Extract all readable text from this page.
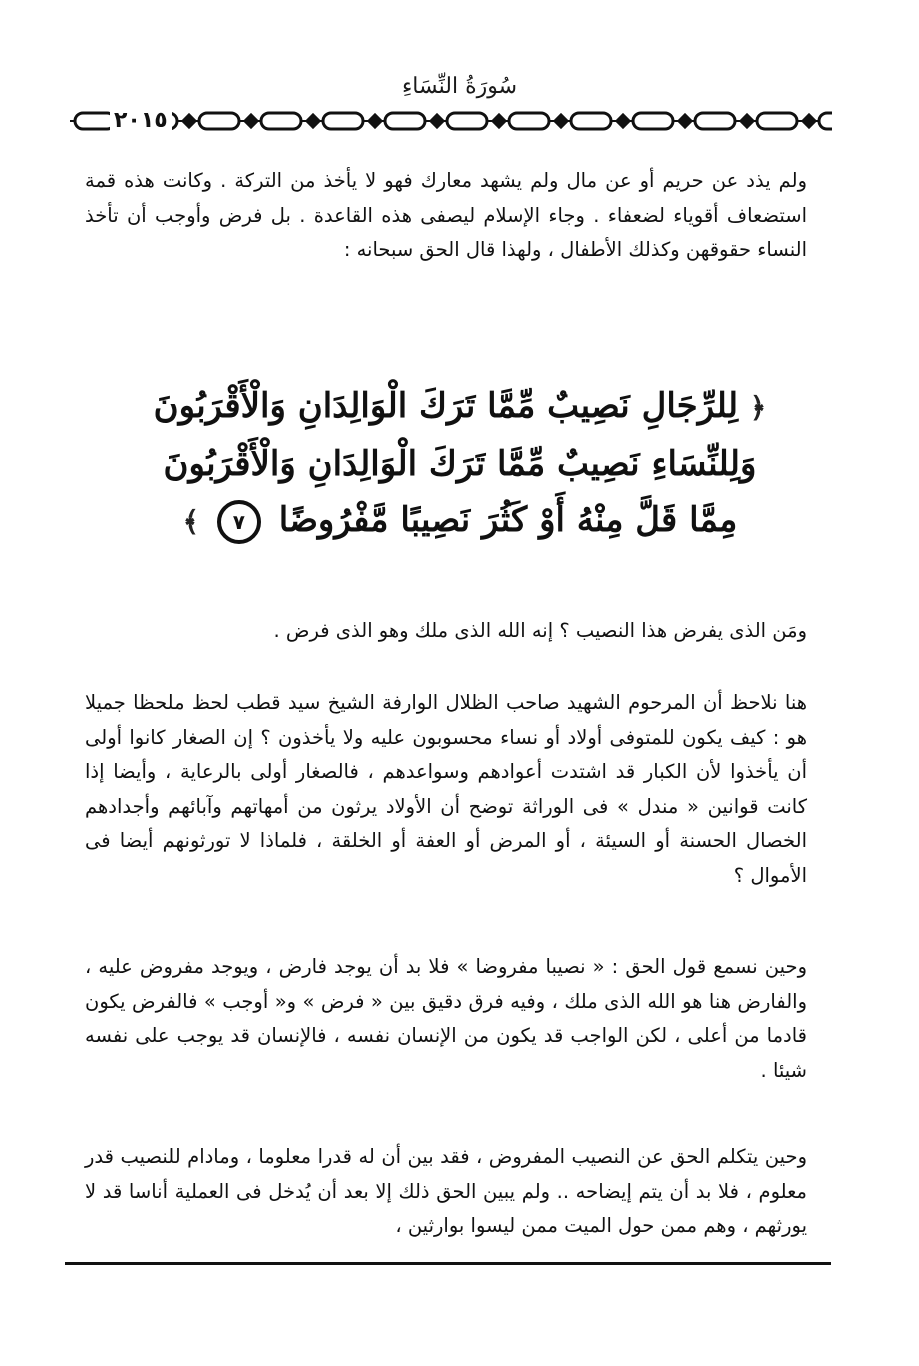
سُورَةُ النِّسَاءِ
٢٠١٥

ولم يذد عن حريم أو عن مال ولم يشهد معارك فهو لا يأخذ من التركة . وكانت هذه قمة استضعاف أقوياء لضعفاء . وجاء الإسلام ليصفى هذه القاعدة . بل فرض وأوجب أن تأخذ النساء حقوقهن وكذلك الأطفال ، ولهذا قال الحق سبحانه :

﴿ لِلرِّجَالِ نَصِيبٌ مِّمَّا تَرَكَ الْوَالِدَانِ وَالْأَقْرَبُونَ
وَلِلنِّسَاءِ نَصِيبٌ مِّمَّا تَرَكَ الْوَالِدَانِ وَالْأَقْرَبُونَ
مِمَّا قَلَّ مِنْهُ أَوْ كَثُرَ نَصِيبًا مَّفْرُوضًا ٧ ﴾

ومَن الذى يفرض هذا النصيب ؟ إنه الله الذى ملك وهو الذى فرض .

هنا نلاحظ أن المرحوم الشهيد صاحب الظلال الوارفة الشيخ سيد قطب لحظ ملحظا جميلا هو : كيف يكون للمتوفى أولاد أو نساء محسوبون عليه ولا يأخذون ؟ إن الصغار كانوا أولى أن يأخذوا لأن الكبار قد اشتدت أعوادهم وسواعدهم ، فالصغار أولى بالرعاية ، وأيضا إذا كانت قوانين « مندل » فى الوراثة توضح أن الأولاد يرثون من أمهاتهم وآبائهم وأجدادهم الخصال الحسنة أو السيئة ، أو المرض أو العفة أو الخلقة ، فلماذا لا تورثونهم أيضا فى الأموال ؟

وحين نسمع قول الحق : « نصيبا مفروضا » فلا بد أن يوجد فارض ، ويوجد مفروض عليه ، والفارض هنا هو الله الذى ملك ، وفيه فرق دقيق بين « فرض » و« أوجب » فالفرض يكون قادما من أعلى ، لكن الواجب قد يكون من الإنسان نفسه ، فالإنسان قد يوجب على نفسه شيئا .

وحين يتكلم الحق عن النصيب المفروض ، فقد بين أن له قدرا معلوما ، ومادام للنصيب قدر معلوم ، فلا بد أن يتم إيضاحه .. ولم يبين الحق ذلك إلا بعد أن يُدخل فى العملية أناسا قد لا يورثهم ، وهم ممن حول الميت ممن ليسوا بوارثين ،
